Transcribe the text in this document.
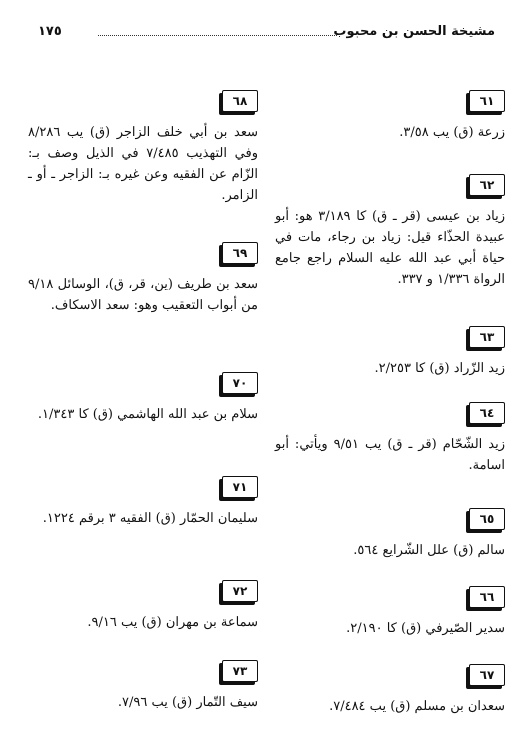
مشيخة الحسن بن محبوب
١٧٥
٦١
زرعة (ق) يب ٣/٥٨.
٦٢
زياد بن عيسى (قر ـ ق) كا ٣/١٨٩ هو: أبو عبيدة الحذّاء قيل: زياد بن رجاء، مات في حياة أبي عبد الله عليه السلام راجع جامع الرواة ١/٣٣٦ و ٣٣٧.
٦٣
زيد الزّراد (ق) كا ٢/٢٥٣.
٦٤
زيد الشّحّام (قر ـ ق) يب ٩/٥١ ويأتي: أبو اسامة.
٦٥
سالم (ق) علل الشّرايع ٥٦٤.
٦٦
سدير الصّيرفي (ق) كا ٢/١٩٠.
٦٧
سعدان بن مسلم (ق) يب ٧/٤٨٤.
٦٨
سعد بن أبي خلف الزاجر (ق) يب ٨/٢٨٦ وفي التهذيب ٧/٤٨٥ في الذيل وصف بـ: الزّام عن الفقيه وعن غيره بـ: الزاجر ـ أو ـ الزامر.
٦٩
سعد بن طريف (ين، قر، ق)، الوسائل ٩/١٨ من أبواب التعقيب وهو: سعد الاسكاف.
٧٠
سلام بن عبد الله الهاشمي (ق) كا ١/٣٤٣.
٧١
سليمان الحمّار (ق) الفقيه ٣ برقم ١٢٢٤.
٧٢
سماعة بن مهران (ق) يب ٩/١٦.
٧٣
سيف التّمار (ق) يب ٧/٩٦.
